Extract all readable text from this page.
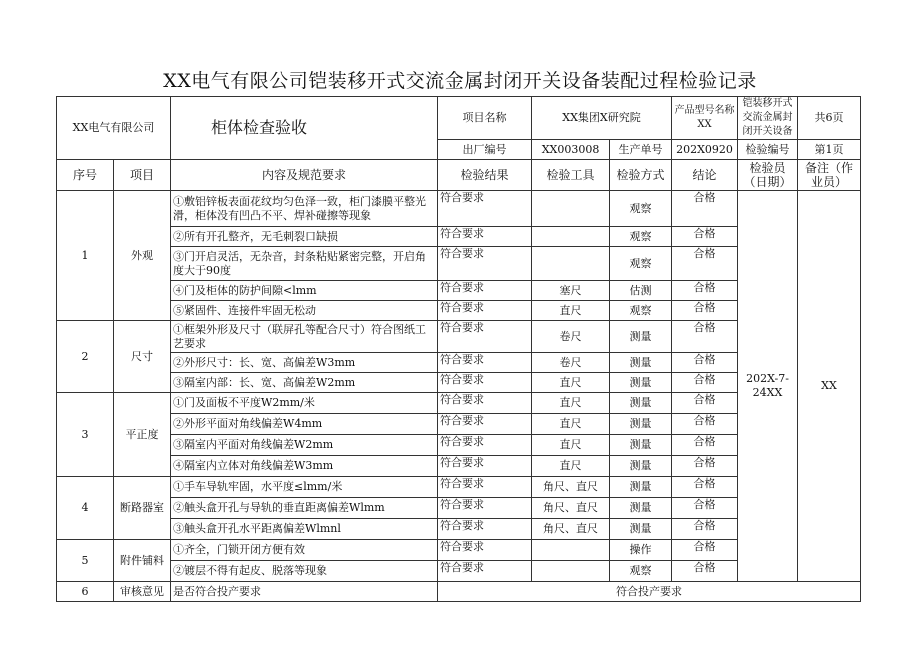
XX电气有限公司铠装移开式交流金属封闭开关设备装配过程检验记录
XX电气有限公司		柜体检查验收	项目名称	XX集团X研究院		产品型号名称XX	铠装移开式交流金属封闭开关设备	共6页
			出厂编号	XX003008	生产单号	202X0920	检验编号	第1页
序号	项目	内容及规范要求	检验结果	检验工具	检验方式	结论	检验员（日期）	备注（作业员）
1	外观	①敷铝锌板表面花纹均匀色泽一致，柜门漆膜平整光滑，柜体没有凹凸不平、焊补碰擦等现象	符合要求		观察	合格	202X-7-24XX	XX
		②所有开孔整齐，无毛刺裂口缺损	符合要求		观察	合格		
		③门开启灵活，无杂音，封条粘贴紧密完整，开启角度大于90度	符合要求		观察	合格		
		④门及柜体的防护间隙<lmm	符合要求	塞尺	估测	合格		
		⑤紧固件、连接件牢固无松动	符合要求	直尺	观察	合格		
2	尺寸	①框架外形及尺寸（联屏孔等配合尺寸）符合图纸工艺要求	符合要求	卷尺	测量	合格		
		②外形尺寸：长、宽、高偏差W3mm	符合要求	卷尺	测量	合格		
		③隔室内部：长、宽、高偏差W2mm	符合要求	直尺	测量	合格		
3	平正度	①门及面板不平度W2mm/米	符合要求	直尺	测量	合格		
		②外形平面对角线偏差W4mm	符合要求	直尺	测量	合格		
		③隔室内平面对角线偏差W2mm	符合要求	直尺	测量	合格		
		④隔室内立体对角线偏差W3mm	符合要求	直尺	测量	合格		
4	断路器室	①手车导轨牢固，水平度≤lmm/米	符合要求	角尺、直尺	测量	合格		
		②触头盒开孔与导轨的垂直距离偏差Wlmm	符合要求	角尺、直尺	测量	合格		
		③触头盒开孔水平距离偏差Wlmnl	符合要求	角尺、直尺	测量	合格		
5	附件铺料	①齐全，门锁开闭方便有效	符合要求		操作	合格		
		②镀层不得有起皮、脱落等现象	符合要求		观察	合格		
6	审核意见	是否符合投产要求	符合投产要求					
